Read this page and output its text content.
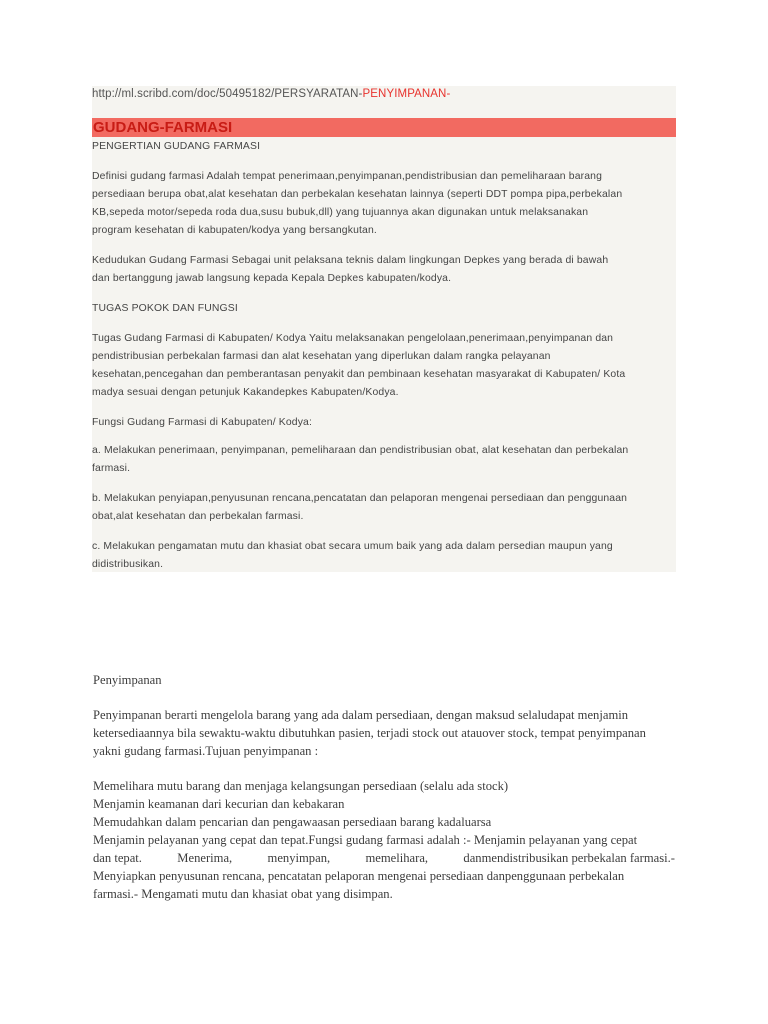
http://ml.scribd.com/doc/50495182/PERSYARATAN-PENYIMPANAN-
GUDANG-FARMASI
PENGERTIAN GUDANG FARMASI
Definisi gudang farmasi Adalah tempat penerimaan,penyimpanan,pendistribusian dan pemeliharaan barang
persediaan berupa obat,alat kesehatan dan perbekalan kesehatan lainnya (seperti DDT pompa pipa,perbekalan
KB,sepeda motor/sepeda roda dua,susu bubuk,dll) yang tujuannya akan digunakan untuk melaksanakan
program kesehatan di kabupaten/kodya yang bersangkutan.
Kedudukan Gudang Farmasi Sebagai unit pelaksana teknis dalam lingkungan Depkes yang berada di bawah
dan bertanggung jawab langsung kepada Kepala Depkes kabupaten/kodya.
TUGAS POKOK DAN FUNGSI
Tugas Gudang Farmasi di Kabupaten/ Kodya Yaitu melaksanakan pengelolaan,penerimaan,penyimpanan dan
pendistribusian perbekalan farmasi dan alat kesehatan yang diperlukan dalam rangka pelayanan
kesehatan,pencegahan dan pemberantasan penyakit dan pembinaan kesehatan masyarakat di Kabupaten/ Kota
madya sesuai dengan petunjuk Kakandepkes Kabupaten/Kodya.
Fungsi Gudang Farmasi di Kabupaten/ Kodya:
a. Melakukan penerimaan, penyimpanan, pemeliharaan dan pendistribusian obat, alat kesehatan dan perbekalan
farmasi.
b. Melakukan penyiapan,penyusunan rencana,pencatatan dan pelaporan mengenai persediaan dan penggunaan
obat,alat kesehatan dan perbekalan farmasi.
c. Melakukan pengamatan mutu dan khasiat obat secara umum baik yang ada dalam persedian maupun yang
didistribusikan.
Penyimpanan
Penyimpanan berarti mengelola barang yang ada dalam persediaan, dengan maksud selaludapat menjamin
ketersediaannya bila sewaktu-waktu dibutuhkan pasien, terjadi stock out atauover stock, tempat penyimpanan
yakni gudang farmasi.Tujuan penyimpanan :
Memelihara mutu barang dan menjaga kelangsungan persediaan (selalu ada stock)
Menjamin keamanan dari kecurian dan kebakaran
Memudahkan dalam pencarian dan pengawaasan persediaan barang kadaluarsa
Menjamin pelayanan yang cepat dan tepat.Fungsi gudang farmasi adalah :- Menjamin pelayanan yang cepat
dan tepat.	Menerima,	menyimpan,	memelihara,	danmendistribusikan perbekalan farmasi.-
Menyiapkan penyusunan rencana, pencatatan pelaporan mengenai persediaan danpenggunaan perbekalan
farmasi.- Mengamati mutu dan khasiat obat yang disimpan.
